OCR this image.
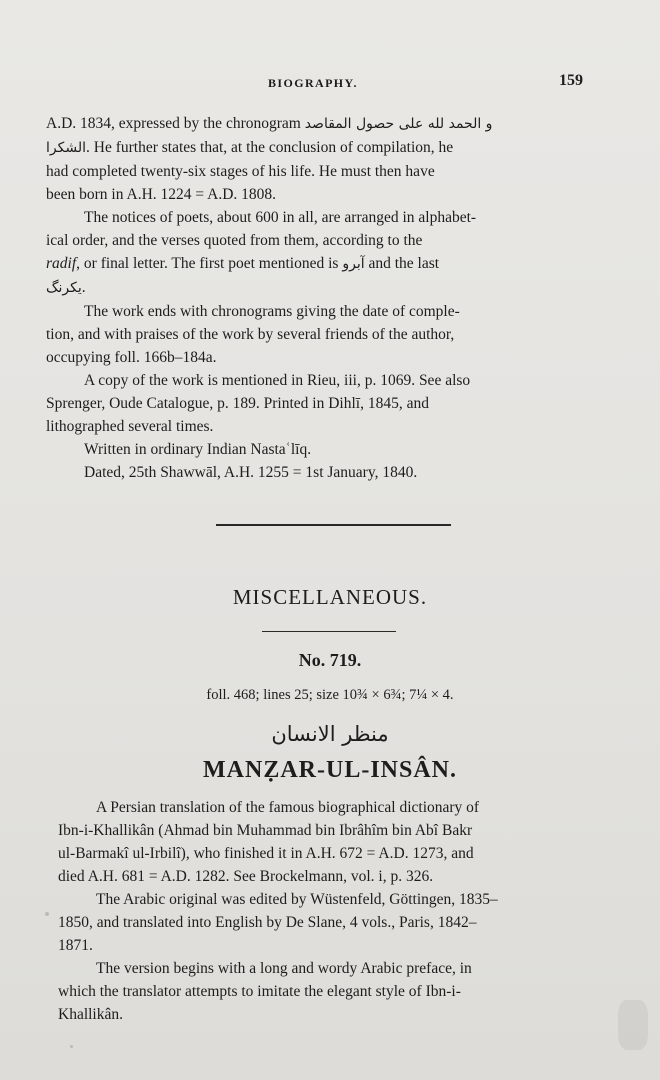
BIOGRAPHY.	159
A.D. 1834, expressed by the chronogram و الحمد لله على حصول المقاصد
الشكرا. He further states that, at the conclusion of compilation, he
had completed twenty-six stages of his life. He must then have
been born in A.H. 1224 = A.D. 1808.
The notices of poets, about 600 in all, are arranged in alphabet-
ical order, and the verses quoted from them, according to the
radif, or final letter. The first poet mentioned is آبرو and the last
یکرنگ.
The work ends with chronograms giving the date of comple-
tion, and with praises of the work by several friends of the author,
occupying foll. 166b–184a.
A copy of the work is mentioned in Rieu, iii, p. 1069. See also
Sprenger, Oude Catalogue, p. 189. Printed in Dihlī, 1845, and
lithographed several times.
Written in ordinary Indian Nastaʿlīq.
Dated, 25th Shawwāl, A.H. 1255 = 1st January, 1840.
MISCELLANEOUS.
No. 719.
foll. 468; lines 25; size 10¾ × 6¾; 7¼ × 4.
منظر الانسان
MANẒAR-UL-INSÂN.
A Persian translation of the famous biographical dictionary of
Ibn-i-Khallikân (Ahmad bin Muhammad bin Ibrâhîm bin Abî Bakr
ul-Barmakî ul-Irbilî), who finished it in A.H. 672 = A.D. 1273, and
died A.H. 681 = A.D. 1282. See Brockelmann, vol. i, p. 326.
The Arabic original was edited by Wüstenfeld, Göttingen, 1835–
1850, and translated into English by De Slane, 4 vols., Paris, 1842–
1871.
The version begins with a long and wordy Arabic preface, in
which the translator attempts to imitate the elegant style of Ibn-i-
Khallikân.
